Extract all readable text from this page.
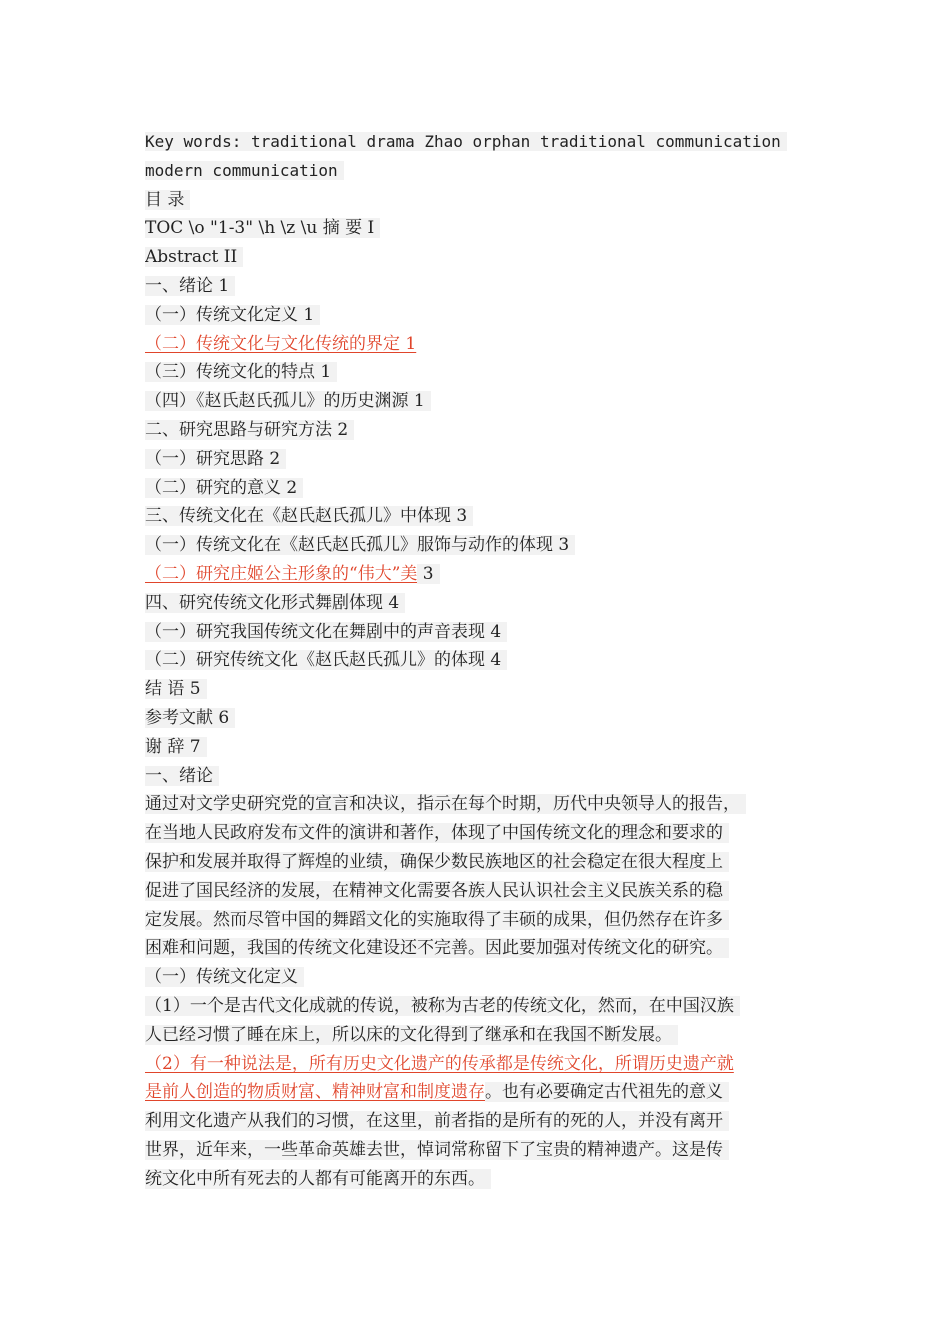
Key words: traditional drama Zhao orphan traditional communication
modern communication
目 录
TOC \o "1-3" \h \z \u 摘 要 I
Abstract II
一、绪论 1
（一）传统文化定义 1
（二）传统文化与文化传统的界定 1
（三）传统文化的特点 1
（四）《赵氏赵氏孤儿》的历史渊源 1
二、研究思路与研究方法 2
（一）研究思路 2
（二）研究的意义 2
三、传统文化在《赵氏赵氏孤儿》中体现 3
（一）传统文化在《赵氏赵氏孤儿》服饰与动作的体现 3
（二）研究庄姬公主形象的“伟大”美 3
四、研究传统文化形式舞剧体现 4
（一）研究我国传统文化在舞剧中的声音表现 4
（二）研究传统文化《赵氏赵氏孤儿》的体现 4
结 语 5
参考文献 6
谢 辞 7
一、绪论
通过对文学史研究党的宣言和决议，指示在每个时期，历代中央领导人的报告，
在当地人民政府发布文件的演讲和著作，体现了中国传统文化的理念和要求的
保护和发展并取得了辉煌的业绩，确保少数民族地区的社会稳定在很大程度上
促进了国民经济的发展，在精神文化需要各族人民认识社会主义民族关系的稳
定发展。然而尽管中国的舞蹈文化的实施取得了丰硕的成果，但仍然存在许多
困难和问题，我国的传统文化建设还不完善。因此要加强对传统文化的研究。
（一）传统文化定义
（1）一个是古代文化成就的传说，被称为古老的传统文化，然而，在中国汉族
人已经习惯了睡在床上，所以床的文化得到了继承和在我国不断发展。
（2）有一种说法是，所有历史文化遗产的传承都是传统文化，所谓历史遗产就
是前人创造的物质财富、精神财富和制度遗存。也有必要确定古代祖先的意义
利用文化遗产从我们的习惯，在这里，前者指的是所有的死的人，并没有离开
世界，近年来，一些革命英雄去世，悼词常称留下了宝贵的精神遗产。这是传
统文化中所有死去的人都有可能离开的东西。
